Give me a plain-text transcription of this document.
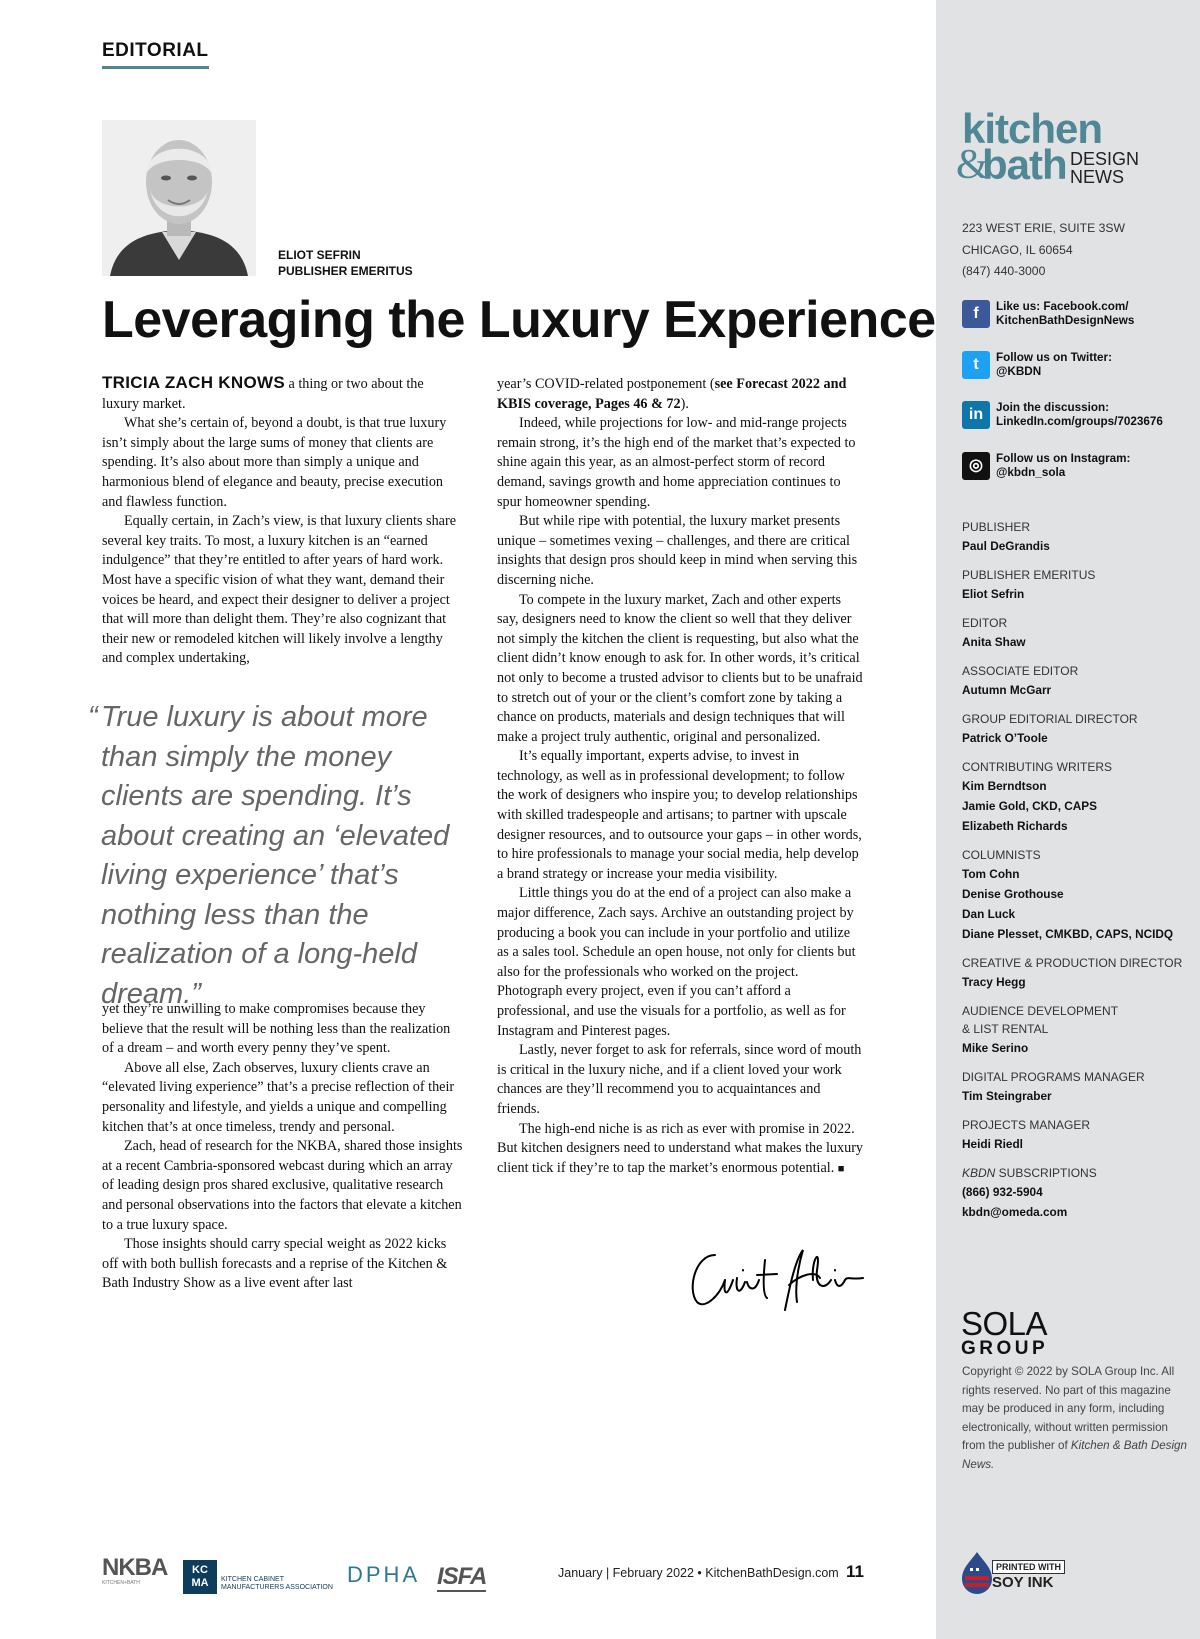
EDITORIAL
ELIOT SEFRIN
PUBLISHER EMERITUS
Leveraging the Luxury Experience

TRICIA ZACH KNOWS a thing or two about the luxury market.

What she’s certain of, beyond a doubt, is that true luxury isn’t simply about the large sums of money that clients are spending. It’s also about more than simply a unique and harmonious blend of elegance and beauty, precise execution and flawless function.

Equally certain, in Zach’s view, is that luxury clients share several key traits. To most, a luxury kitchen is an “earned indulgence” that they’re entitled to after years of hard work. Most have a specific vision of what they want, demand their voices be heard, and expect their designer to deliver a project that will more than delight them. They’re also cognizant that their new or remodeled kitchen will likely involve a lengthy and complex undertaking,

“ True luxury is about more than simply the money clients are spending. It’s about creating an ‘elevated living experience’ that’s nothing less than the realization of a long-held dream.”

yet they’re unwilling to make compromises because they believe that the result will be nothing less than the realization of a dream – and worth every penny they’ve spent.

Above all else, Zach observes, luxury clients crave an “elevated living experience” that’s a precise reflection of their personality and lifestyle, and yields a unique and compelling kitchen that’s at once timeless, trendy and personal.

Zach, head of research for the NKBA, shared those insights at a recent Cambria-sponsored webcast during which an array of leading design pros shared exclusive, qualitative research and personal observations into the factors that elevate a kitchen to a true luxury space.

Those insights should carry special weight as 2022 kicks off with both bullish forecasts and a reprise of the Kitchen & Bath Industry Show as a live event after last

year’s COVID-related postponement (see Forecast 2022 and KBIS coverage, Pages 46 & 72).

Indeed, while projections for low- and mid-range projects remain strong, it’s the high end of the market that’s expected to shine again this year, as an almost-perfect storm of record demand, savings growth and home appreciation continues to spur homeowner spending.

But while ripe with potential, the luxury market presents unique – sometimes vexing – challenges, and there are critical insights that design pros should keep in mind when serving this discerning niche.

To compete in the luxury market, Zach and other experts say, designers need to know the client so well that they deliver not simply the kitchen the client is requesting, but also what the client didn’t know enough to ask for. In other words, it’s critical not only to become a trusted advisor to clients but to be unafraid to stretch out of your or the client’s comfort zone by taking a chance on products, materials and design techniques that will make a project truly authentic, original and personalized.

It’s equally important, experts advise, to invest in technology, as well as in professional development; to follow the work of designers who inspire you; to develop relationships with skilled tradespeople and artisans; to partner with upscale designer resources, and to outsource your gaps – in other words, to hire professionals to manage your social media, help develop a brand strategy or increase your media visibility.

Little things you do at the end of a project can also make a major difference, Zach says. Archive an outstanding project by producing a book you can include in your portfolio and utilize as a sales tool. Schedule an open house, not only for clients but also for the professionals who worked on the project. Photograph every project, even if you can’t afford a professional, and use the visuals for a portfolio, as well as for Instagram and Pinterest pages.

Lastly, never forget to ask for referrals, since word of mouth is critical in the luxury niche, and if a client loved your work chances are they’ll recommend you to acquaintances and friends.

The high-end niche is as rich as ever with promise in 2022. But kitchen designers need to understand what makes the luxury client tick if they’re to tap the market’s enormous potential. ■

kitchen
&
bath DESIGN
NEWS
223 WEST ERIE, SUITE 3SW
CHICAGO, IL 60654
(847) 440-3000
f	Like us: Facebook.com/
KitchenBathDesignNews
t	Follow us on Twitter:
@KBDN
in	Join the discussion:
LinkedIn.com/groups/7023676
◎	Follow us on Instagram:
@kbdn_sola
PUBLISHER
Paul DeGrandis
PUBLISHER EMERITUS
Eliot Sefrin
EDITOR
Anita Shaw
ASSOCIATE EDITOR
Autumn McGarr
GROUP EDITORIAL DIRECTOR
Patrick O’Toole
CONTRIBUTING WRITERS
Kim Berndtson
Jamie Gold, CKD, CAPS
Elizabeth Richards
COLUMNISTS
Tom Cohn
Denise Grothouse
Dan Luck
Diane Plesset, CMKBD, CAPS, NCIDQ
CREATIVE & PRODUCTION DIRECTOR
Tracy Hegg
AUDIENCE DEVELOPMENT
& LIST RENTAL
Mike Serino
DIGITAL PROGRAMS MANAGER
Tim Steingraber
PROJECTS MANAGER
Heidi Riedl
KBDN SUBSCRIPTIONS
(866) 932-5904
kbdn@omeda.com
SOLA
GROUP
Copyright © 2022 by SOLA Group Inc. All rights reserved. No part of this magazine may be produced in any form, including electronically, without written permission from the publisher of Kitchen & Bath Design News.
PRINTED WITH
SOY INK
NKBA
KITCHEN+BATH
KC
MA	KITCHEN CABINET
MANUFACTURERS ASSOCIATION
DPHA ISFA	January | February 2022 • KitchenBathDesign.com 11
